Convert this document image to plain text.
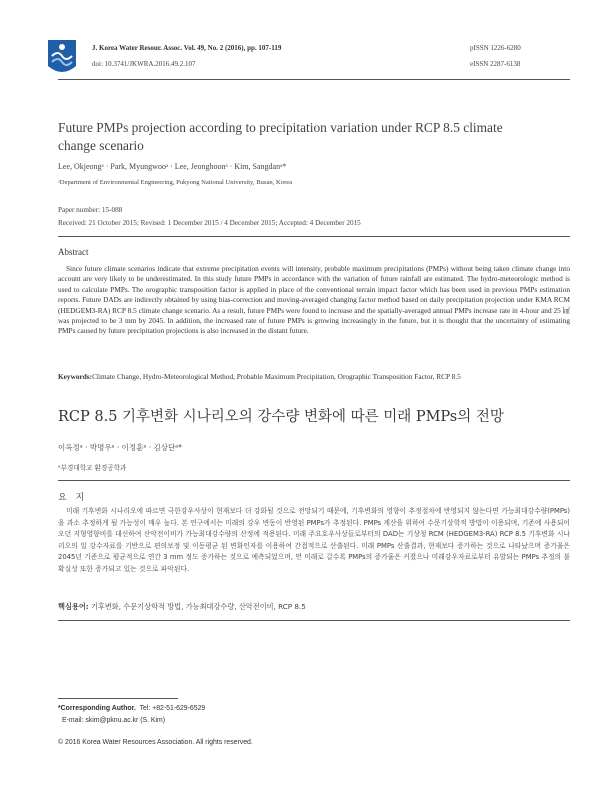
J. Korea Water Resour. Assoc. Vol. 49, No. 2 (2016), pp. 107-119
doi: 10.3741/JKWRA.2016.49.2.107
pISSN 1226-6280
eISSN 2287-6138
Future PMPs projection according to precipitation variation under RCP 8.5 climate change scenario
Lee, Okjeongᵃ · Park, Myungwooᵃ · Lee, Jeonghoonᵃ · Kim, Sangdanᵃ*
ᵃDepartment of Environmental Engineering, Pukyong National University, Busan, Korea
Paper number: 15-088
Received: 21 October 2015; Revised: 1 December 2015 / 4 December 2015; Accepted: 4 December 2015
Abstract
Since future climate scenarios indicate that extreme precipitation events will intensity, probable maximum precipitations (PMPs) without being taken climate change into account are very likely to be underestimated. In this study future PMPs in accordance with the variation of future rainfall are estimated. The hydro-meteorologic method is used to calculate PMPs. The orographic transposition factor is applied in place of the conventional terrain impact factor which has been used in previous PMPs estimation reports. Future DADs are indirectly obtained by using bias-correction and moving-averaged changing factor method based on daily precipitation projection under KMA RCM (HEDGEM3-RA) RCP 8.5 climate change scenario. As a result, future PMPs were found to increase and the spatially-averaged annual PMPs increase rate in 4-hour and 25 ㎢ was projected to be 3 mm by 2045. In addition, the increased rate of future PMPs is growing increasingly in the future, but it is thought that the uncertainty of estimating PMPs caused by future precipitation projections is also increased in the distant future.
Keywords:Climate Change, Hydro-Meteorological Method, Probable Maximum Precipitation, Orographic Transposition Factor, RCP 8.5
RCP 8.5 기후변화 시나리오의 강수량 변화에 따른 미래 PMPs의 전망
이옥정ᵃ · 박명우ᵃ · 이정훈ᵃ · 김상단ᵃ*
ᵃ부경대학교 환경공학과
요 지
미래 기후변화 시나리오에 따르면 극한강우사상이 현재보다 더 강화될 것으로 전망되기 때문에, 기후변화의 영향이 추정절차에 반영되지 않는다면 가능최대강수량(PMPs)을 과소 추정하게 될 가능성이 매우 높다. 본 연구에서는 미래의 강우 변동이 반영된 PMPs가 추정된다. PMPs 계산을 위하여 수문기상학적 방법이 이용되며, 기존에 사용되어오던 지형영향비를 대신하여 산악전이비가 가능최대강수량의 산정에 적용된다. 미래 주요호우사상들로부터의 DAD는 기상청 RCM (HEDGEM3-RA) RCP 8.5 기후변화 시나리오의 일 강수자료를 기반으로 편의보정 및 이동평균 된 변화인자를 이용하여 간접적으로 산출된다. 미래 PMPs 산출결과, 현재보다 증가하는 것으로 나타났으며 증가율은 2045년 기준으로 평균적으로 연간 3 mm 정도 증가하는 것으로 예측되었으며, 먼 미래로 갈수록 PMPs의 증가율은 커졌으나 미래강우자료로부터 유발되는 PMPs 추정의 불확실성 또한 증가되고 있는 것으로 파악된다.
핵심용어: 기후변화, 수문기상학적 방법, 가능최대강수량, 산악전이비, RCP 8.5
*Corresponding Author. Tel: +82-51-629-6529
E-mail: skim@pknu.ac.kr (S. Kim)
© 2016 Korea Water Resources Association. All rights reserved.
